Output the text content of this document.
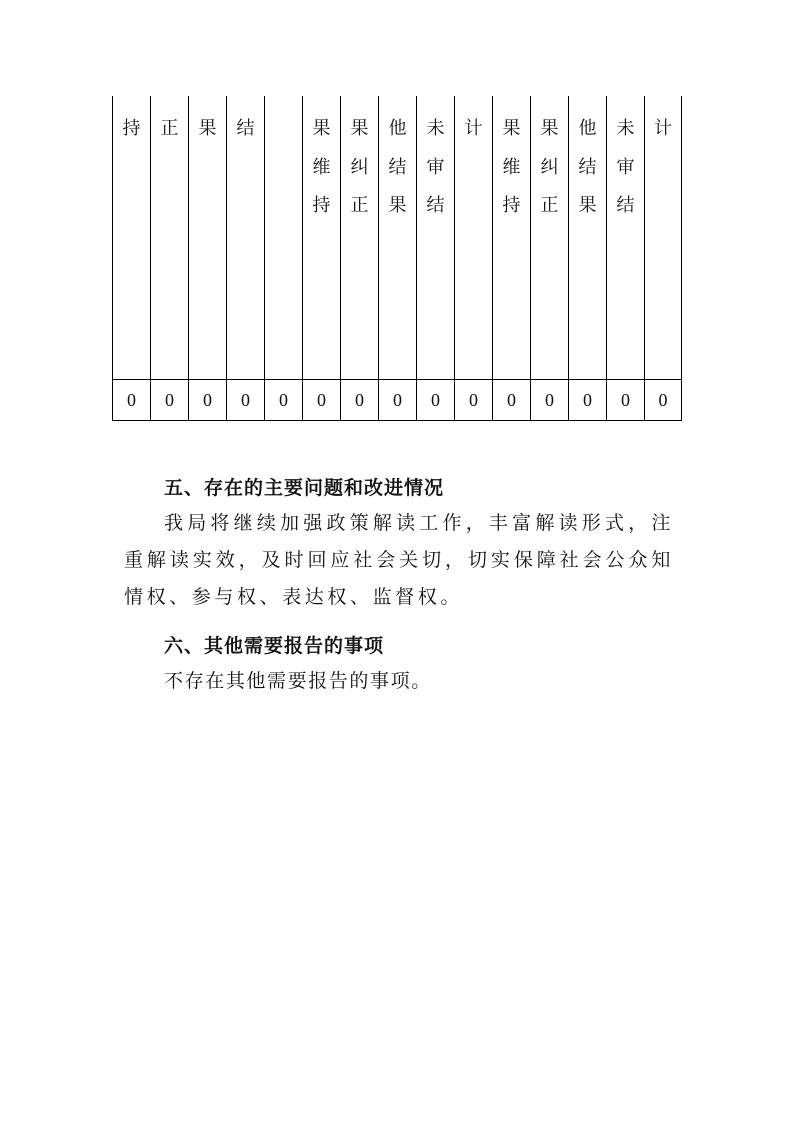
持	正	果	结		果维持	果纠正	他结果	未审结	计	果维持	果纠正	他结果	未审结	计

0	0	0	0	0	0	0	0	0	0	0	0	0	0	0
五、存在的主要问题和改进情况

我局将继续加强政策解读工作，丰富解读形式，注重解读实效，及时回应社会关切，切实保障社会公众知情权、参与权、表达权、监督权。

六、其他需要报告的事项

不存在其他需要报告的事项。
